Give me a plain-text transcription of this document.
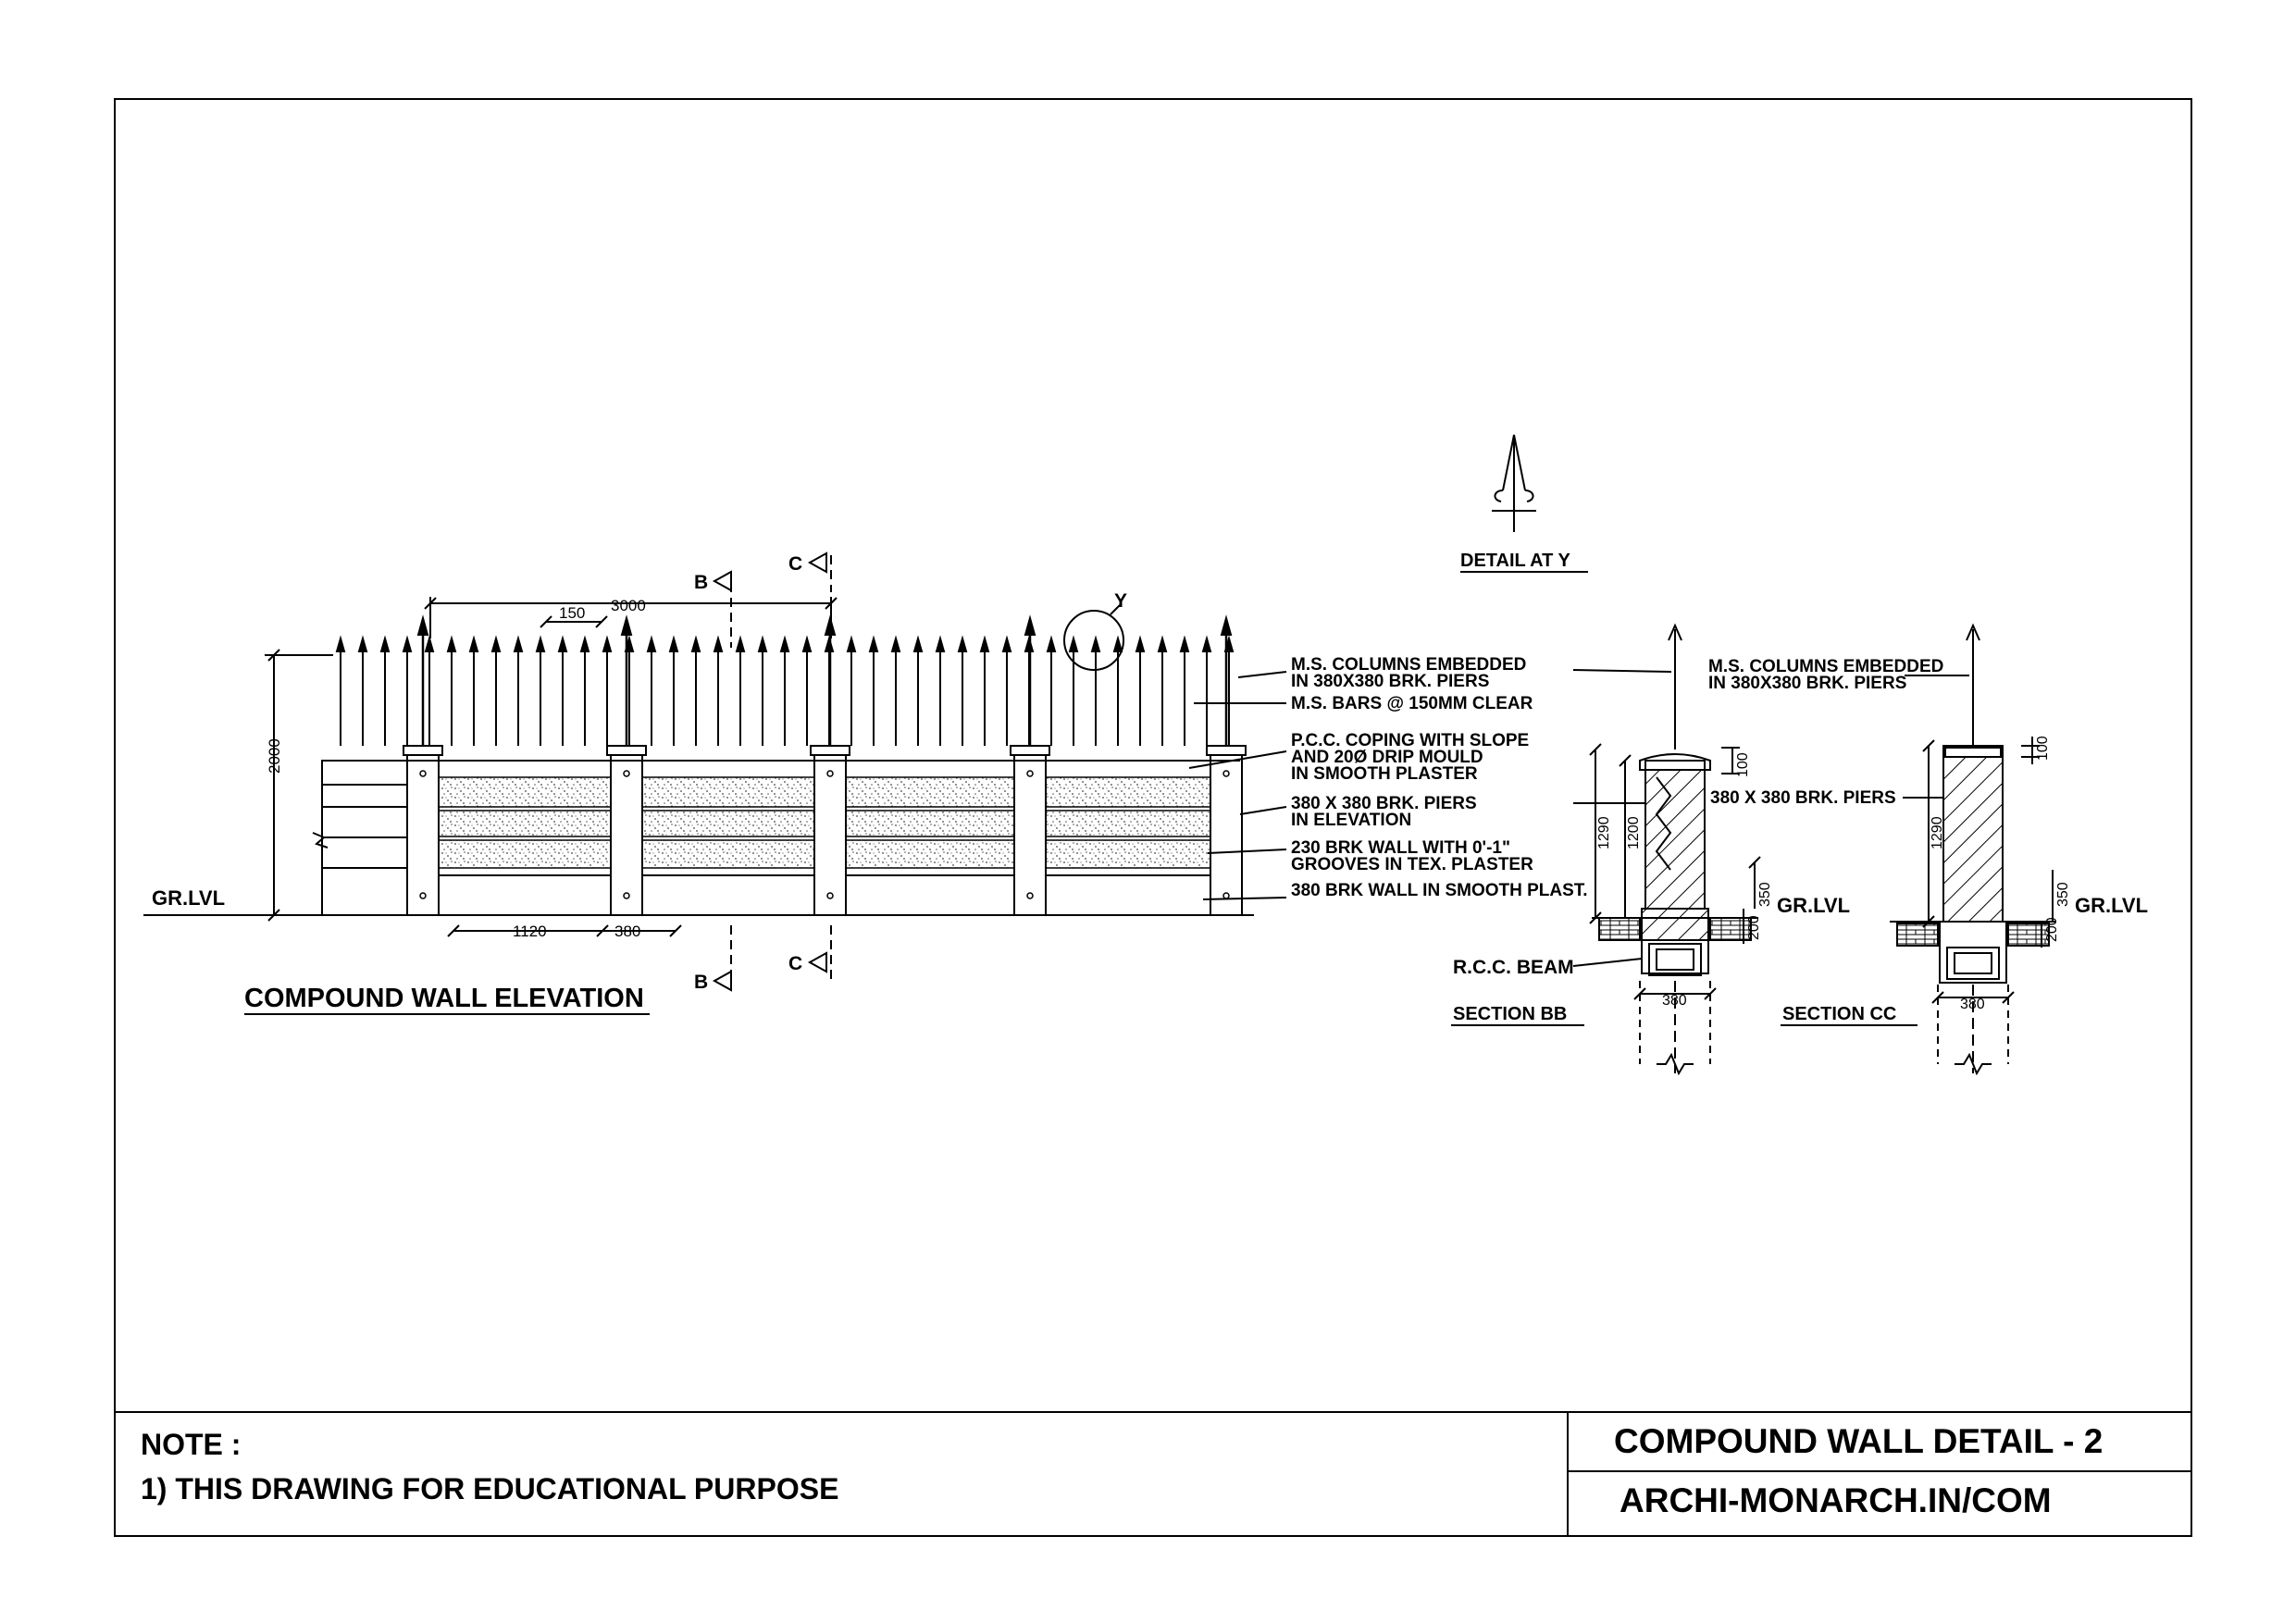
COMPOUND WALL ELEVATION
GR.LVL
3000
150
2000
1120	380
B
C
B
C
Y
M.S. COLUMNS EMBEDDED
IN 380X380 BRK. PIERS
M.S. BARS @ 150MM CLEAR
P.C.C. COPING WITH SLOPE
AND 20Ø DRIP MOULD
IN SMOOTH PLASTER
380 X 380 BRK. PIERS
IN ELEVATION
230 BRK WALL WITH 0'-1"
GROOVES IN TEX. PLASTER
380 BRK WALL IN SMOOTH PLAST.
DETAIL AT Y
SECTION BB
R.C.C. BEAM
GR.LVL
100
1290 1200
350
200
380
SECTION CC
M.S. COLUMNS EMBEDDED
IN 380X380 BRK. PIERS
380 X 380 BRK. PIERS
GR.LVL
100
1290
350
200
380
NOTE :
1) THIS DRAWING FOR EDUCATIONAL PURPOSE
COMPOUND WALL DETAIL - 2
ARCHI-MONARCH.IN/COM
